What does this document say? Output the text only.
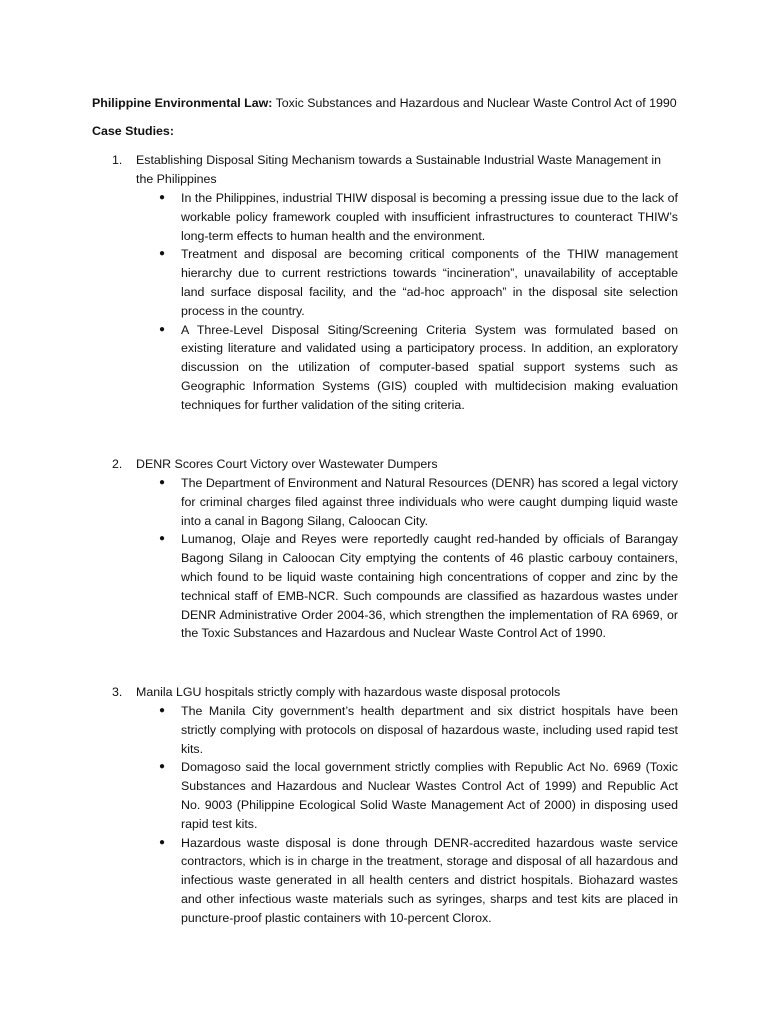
Philippine Environmental Law: Toxic Substances and Hazardous and Nuclear Waste Control Act of 1990
Case Studies:

1. Establishing Disposal Siting Mechanism towards a Sustainable Industrial Waste Management in the Philippines

● In the Philippines, industrial THIW disposal is becoming a pressing issue due to the lack of workable policy framework coupled with insufficient infrastructures to counteract THIW’s long-term effects to human health and the environment.
● Treatment and disposal are becoming critical components of the THIW management hierarchy due to current restrictions towards “incineration”, unavailability of acceptable land surface disposal facility, and the “ad-hoc approach” in the disposal site selection process in the country.
● A Three-Level Disposal Siting/Screening Criteria System was formulated based on existing literature and validated using a participatory process. In addition, an exploratory discussion on the utilization of computer-based spatial support systems such as Geographic Information Systems (GIS) coupled with multidecision making evaluation techniques for further validation of the siting criteria.

2. DENR Scores Court Victory over Wastewater Dumpers

● The Department of Environment and Natural Resources (DENR) has scored a legal victory for criminal charges filed against three individuals who were caught dumping liquid waste into a canal in Bagong Silang, Caloocan City.
● Lumanog, Olaje and Reyes were reportedly caught red-handed by officials of Barangay Bagong Silang in Caloocan City emptying the contents of 46 plastic carbouy containers, which found to be liquid waste containing high concentrations of copper and zinc by the technical staff of EMB-NCR. Such compounds are classified as hazardous wastes under DENR Administrative Order 2004-36, which strengthen the implementation of RA 6969, or the Toxic Substances and Hazardous and Nuclear Waste Control Act of 1990.

3. Manila LGU hospitals strictly comply with hazardous waste disposal protocols

● The Manila City government’s health department and six district hospitals have been strictly complying with protocols on disposal of hazardous waste, including used rapid test kits.
● Domagoso said the local government strictly complies with Republic Act No. 6969 (Toxic Substances and Hazardous and Nuclear Wastes Control Act of 1999) and Republic Act No. 9003 (Philippine Ecological Solid Waste Management Act of 2000) in disposing used rapid test kits.
● Hazardous waste disposal is done through DENR-accredited hazardous waste service contractors, which is in charge in the treatment, storage and disposal of all hazardous and infectious waste generated in all health centers and district hospitals. Biohazard wastes and other infectious waste materials such as syringes, sharps and test kits are placed in puncture-proof plastic containers with 10-percent Clorox.
